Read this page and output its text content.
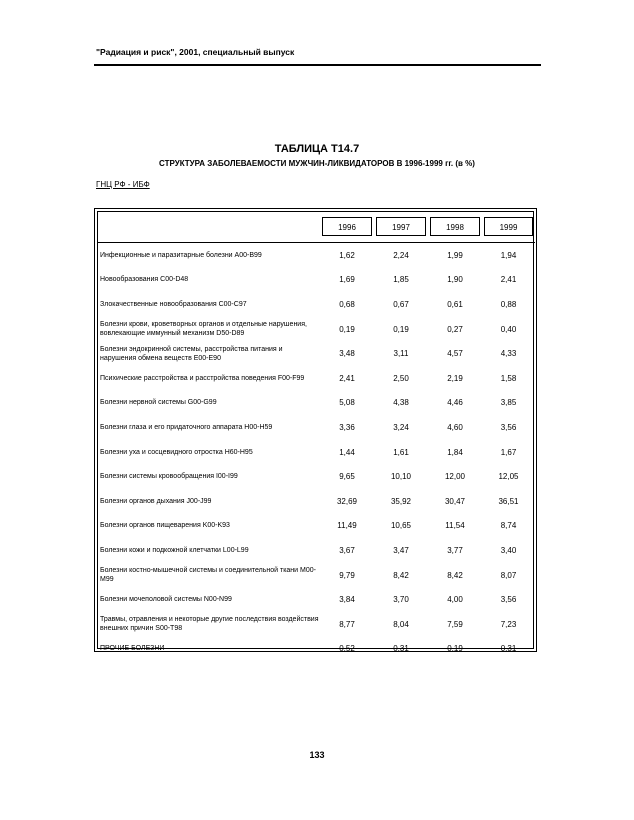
"Радиация и риск", 2001, специальный выпуск
ТАБЛИЦА Т14.7
СТРУКТУРА ЗАБОЛЕВАЕМОСТИ МУЖЧИН-ЛИКВИДАТОРОВ В 1996-1999 гг. (в %)
ГНЦ РФ - ИБФ

	1996	1997	1998	1999

Инфекционные и паразитарные болезни A00-B99	1,62	2,24	1,99	1,94
Новообразования C00-D48	1,69	1,85	1,90	2,41
Злокачественные новообразования C00-C97	0,68	0,67	0,61	0,88
Болезни крови, кроветворных органов и отдельные нарушения, вовлекающие иммунный механизм D50-D89	0,19	0,19	0,27	0,40
Болезни эндокринной системы, расстройства питания и нарушения обмена веществ E00-E90	3,48	3,11	4,57	4,33
Психические расстройства и расстройства поведения F00-F99	2,41	2,50	2,19	1,58
Болезни нервной системы G00-G99	5,08	4,38	4,46	3,85
Болезни глаза и его придаточного аппарата H00-H59	3,36	3,24	4,60	3,56
Болезни уха и сосцевидного отростка H60-H95	1,44	1,61	1,84	1,67
Болезни системы кровообращения I00-I99	9,65	10,10	12,00	12,05
Болезни органов дыхания J00-J99	32,69	35,92	30,47	36,51
Болезни органов пищеварения K00-K93	11,49	10,65	11,54	8,74
Болезни кожи и подкожной клетчатки L00-L99	3,67	3,47	3,77	3,40
Болезни костно-мышечной системы и соединительной ткани M00-M99	9,79	8,42	8,42	8,07
Болезни мочеполовой системы N00-N99	3,84	3,70	4,00	3,56
Травмы, отравления и некоторые другие последствия воздействия внешних причин S00-T98	8,77	8,04	7,59	7,23
ПРОЧИЕ БОЛЕЗНИ	0,52	0,31	0,19	0,31
133
